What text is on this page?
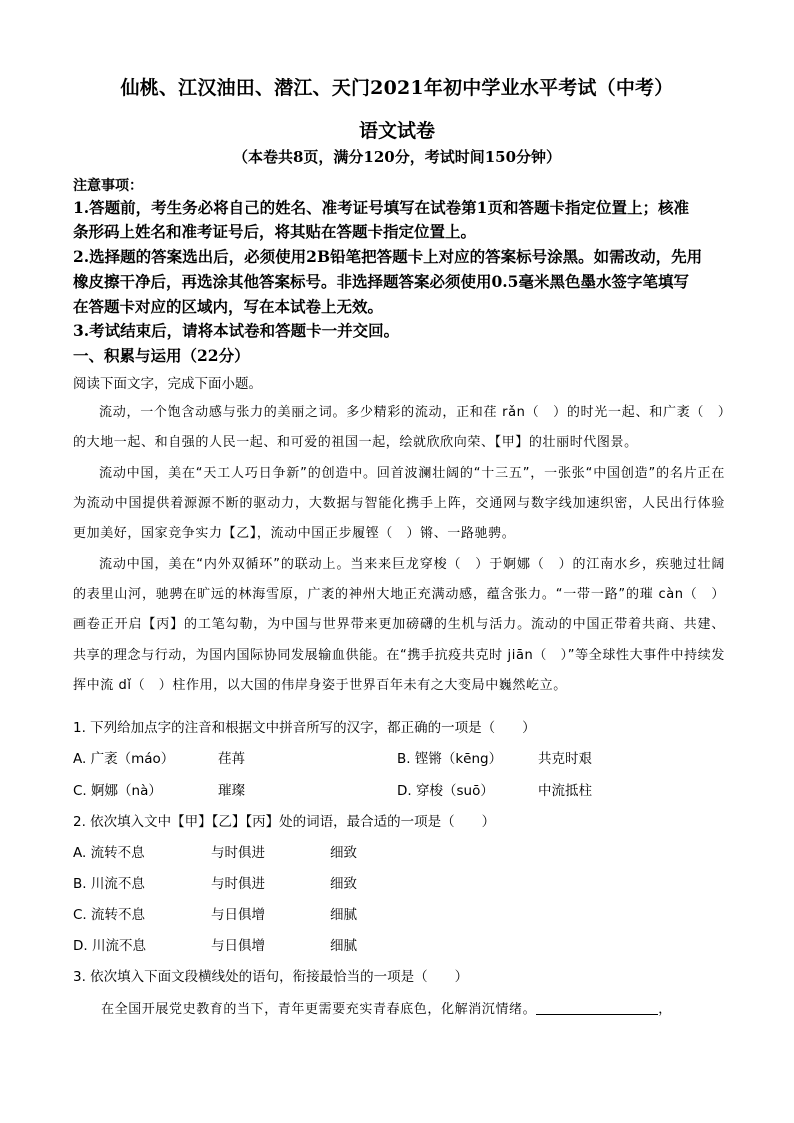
仙桃、江汉油田、潜江、天门2021年初中学业水平考试（中考）
语文试卷
（本卷共8页，满分120分，考试时间150分钟）
注意事项：
1.答题前，考生务必将自己的姓名、准考证号填写在试卷第1页和答题卡指定位置上；核准
条形码上姓名和准考证号后，将其贴在答题卡指定位置上。
2.选择题的答案选出后，必须使用2B铅笔把答题卡上对应的答案标号涂黑。如需改动，先用
橡皮擦干净后，再选涂其他答案标号。非选择题答案必须使用0.5毫米黑色墨水签字笔填写
在答题卡对应的区域内，写在本试卷上无效。
3.考试结束后，请将本试卷和答题卡一并交回。
一、积累与运用（22分）
阅读下面文字，完成下面小题。
流动，一个饱含动感与张力的美丽之词。多少精彩的流动，正和荏 rǎn（　）的时光一起、和广袤（　）的大地一起、和自强的人民一起、和可爱的祖国一起，绘就欣欣向荣、【甲】的壮丽时代图景。
流动中国，美在“天工人巧日争新”的创造中。回首波澜壮阔的“十三五”，一张张“中国创造”的名片正在为流动中国提供着源源不断的驱动力，大数据与智能化携手上阵，交通网与数字线加速织密，人民出行体验更加美好，国家竞争实力【乙】，流动中国正步履铿（　）锵、一路驰骋。
流动中国，美在“内外双循环”的联动上。当来来巨龙穿梭（　）于婀娜（　）的江南水乡，疾驰过壮阔的表里山河，驰骋在旷远的林海雪原，广袤的神州大地正充满动感，蕴含张力。“一带一路”的璀 càn（　）画卷正开启【丙】的工笔勾勒，为中国与世界带来更加磅礴的生机与活力。流动的中国正带着共商、共建、共享的理念与行动，为国内国际协同发展输血供能。在“携手抗疫共克时 jiān（　）”等全球性大事件中持续发挥中流 dǐ（　）柱作用，以大国的伟岸身姿于世界百年未有之大变局中巍然屹立。
1. 下列给加点字的注音和根据文中拼音所写的汉字，都正确的一项是（　　）
A. 广袤（máo）	荏苒	B. 铿锵（kēng）	共克时艰
C. 婀娜（nà）	璀璨	D. 穿梭（suō）	中流抵柱
2. 依次填入文中【甲】【乙】【丙】处的词语，最合适的一项是（　　）
A. 流转不息	与时俱进	细致
B. 川流不息	与时俱进	细致
C. 流转不息	与日俱增	细腻
D. 川流不息	与日俱增	细腻
3. 依次填入下面文段横线处的语句，衔接最恰当的一项是（　　）
在全国开展党史教育的当下，青年更需要充实青春底色，化解消沉情绪。	，
